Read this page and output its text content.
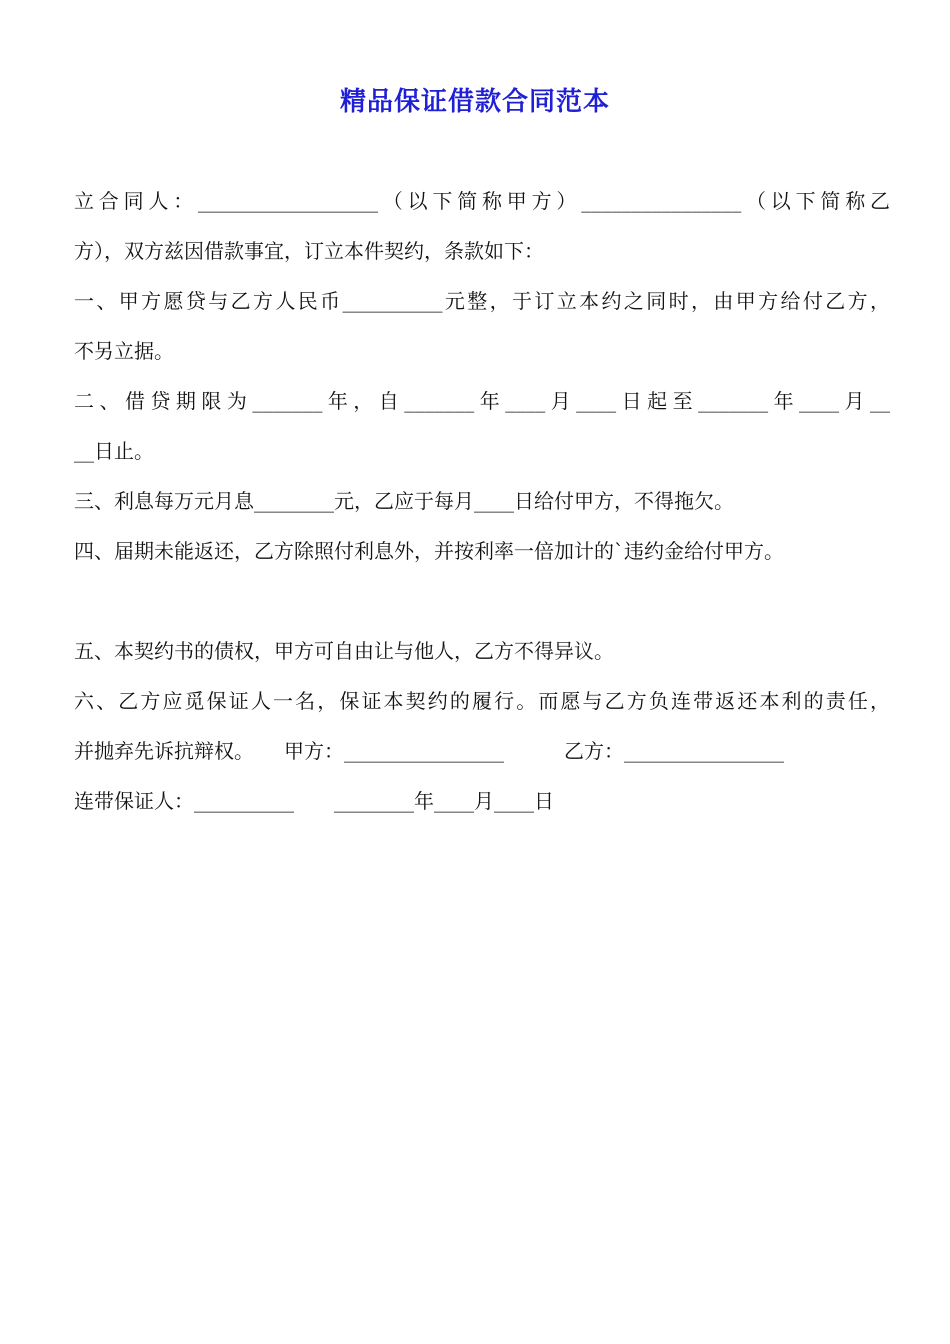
精品保证借款合同范本
立合同人：__________________（以下简称甲方）________________（以下简称乙
方），双方兹因借款事宜，订立本件契约，条款如下：
一、甲方愿贷与乙方人民币__________元整，于订立本约之同时，由甲方给付乙方，
不另立据。
二、借贷期限为_______年，自_______年____月____日起至_______年____月__
__日止。
三、利息每万元月息________元，乙应于每月____日给付甲方，不得拖欠。
四、届期未能返还，乙方除照付利息外，并按利率一倍加计的`违约金给付甲方。
五、本契约书的债权，甲方可自由让与他人，乙方不得异议。
六、乙方应觅保证人一名，保证本契约的履行。而愿与乙方负连带返还本利的责任，
并抛弃先诉抗辩权。　　甲方：________________　　　乙方：________________
连带保证人：__________　　________年____月____日
